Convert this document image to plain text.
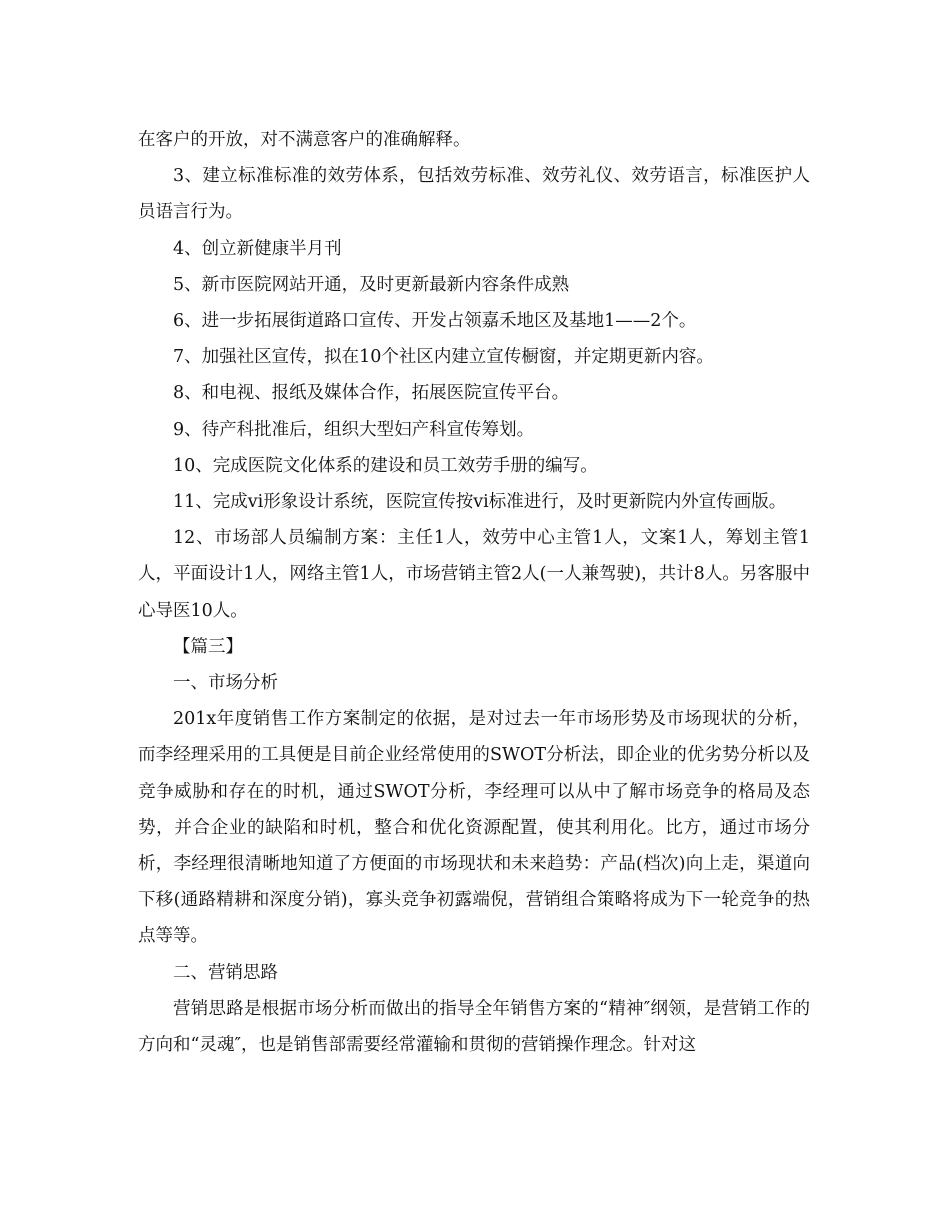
在客户的开放，对不满意客户的准确解释。

3、建立标准标准的效劳体系，包括效劳标准、效劳礼仪、效劳语言，标准医护人员语言行为。

4、创立新健康半月刊

5、新市医院网站开通，及时更新最新内容条件成熟

6、进一步拓展街道路口宣传、开发占领嘉禾地区及基地1——2个。

7、加强社区宣传，拟在10个社区内建立宣传橱窗，并定期更新内容。

8、和电视、报纸及媒体合作，拓展医院宣传平台。

9、待产科批准后，组织大型妇产科宣传筹划。

10、完成医院文化体系的建设和员工效劳手册的编写。

11、完成vi形象设计系统，医院宣传按vi标准进行，及时更新院内外宣传画版。

12、市场部人员编制方案：主任1人，效劳中心主管1人，文案1人，筹划主管1人，平面设计1人，网络主管1人，市场营销主管2人(一人兼驾驶)，共计8人。另客服中心导医10人。

【篇三】

一、市场分析

201x年度销售工作方案制定的依据，是对过去一年市场形势及市场现状的分析，而李经理采用的工具便是目前企业经常使用的SWOT分析法，即企业的优劣势分析以及竞争威胁和存在的时机，通过SWOT分析，李经理可以从中了解市场竞争的格局及态势，并合企业的缺陷和时机，整合和优化资源配置，使其利用化。比方，通过市场分析，李经理很清晰地知道了方便面的市场现状和未来趋势：产品(档次)向上走，渠道向下移(通路精耕和深度分销)，寡头竞争初露端倪，营销组合策略将成为下一轮竞争的热点等等。

二、营销思路

营销思路是根据市场分析而做出的指导全年销售方案的“精神″纲领，是营销工作的方向和“灵魂″，也是销售部需要经常灌输和贯彻的营销操作理念。针对这
